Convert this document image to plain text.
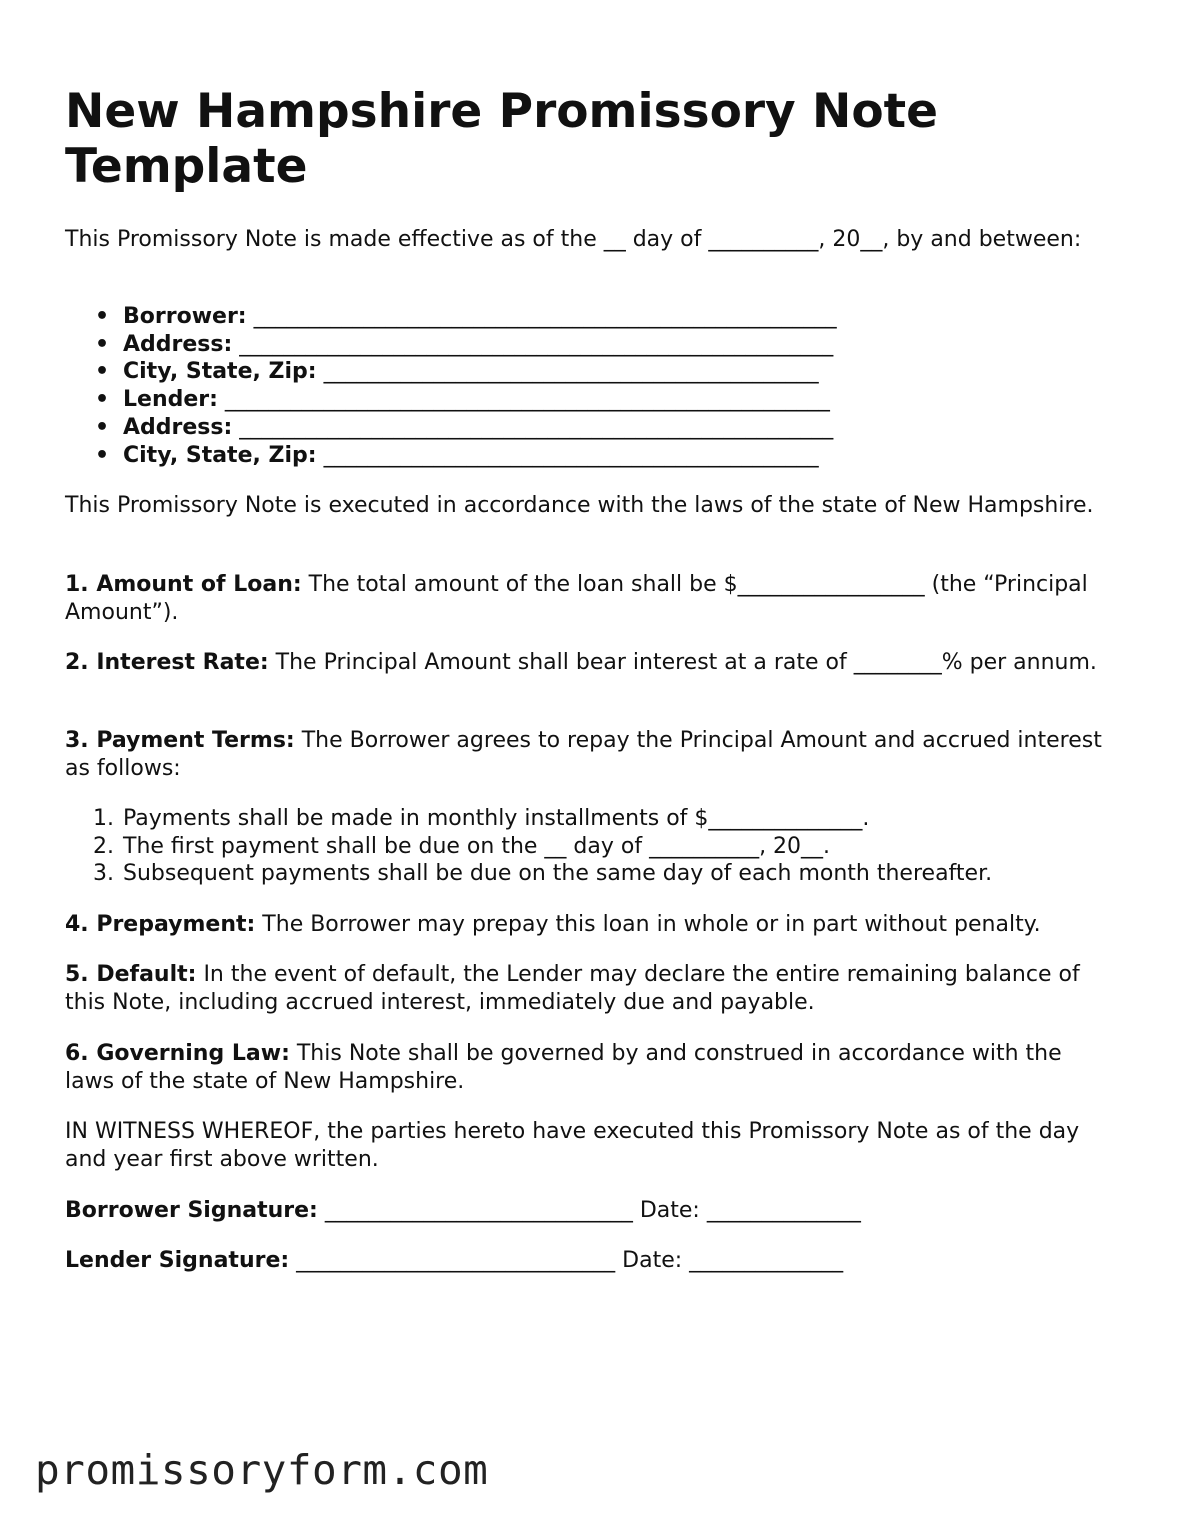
New Hampshire Promissory Note Template

This Promissory Note is made effective as of the __ day of __________, 20__, by and between:

• Borrower: _____________________________________________________
• Address: ______________________________________________________
• City, State, Zip: _____________________________________________
• Lender: _______________________________________________________
• Address: ______________________________________________________
• City, State, Zip: _____________________________________________

This Promissory Note is executed in accordance with the laws of the state of New Hampshire.

1. Amount of Loan: The total amount of the loan shall be $_________________ (the “Principal Amount”).

2. Interest Rate: The Principal Amount shall bear interest at a rate of ________% per annum.

3. Payment Terms: The Borrower agrees to repay the Principal Amount and accrued interest as follows:

1. Payments shall be made in monthly installments of $______________.
2. The first payment shall be due on the __ day of __________, 20__.
3. Subsequent payments shall be due on the same day of each month thereafter.

4. Prepayment: The Borrower may prepay this loan in whole or in part without penalty.

5. Default: In the event of default, the Lender may declare the entire remaining balance of this Note, including accrued interest, immediately due and payable.

6. Governing Law: This Note shall be governed by and construed in accordance with the laws of the state of New Hampshire.

IN WITNESS WHEREOF, the parties hereto have executed this Promissory Note as of the day and year first above written.

Borrower Signature: ____________________________ Date: ______________
Lender Signature: _____________________________ Date: ______________
promissoryform.com
